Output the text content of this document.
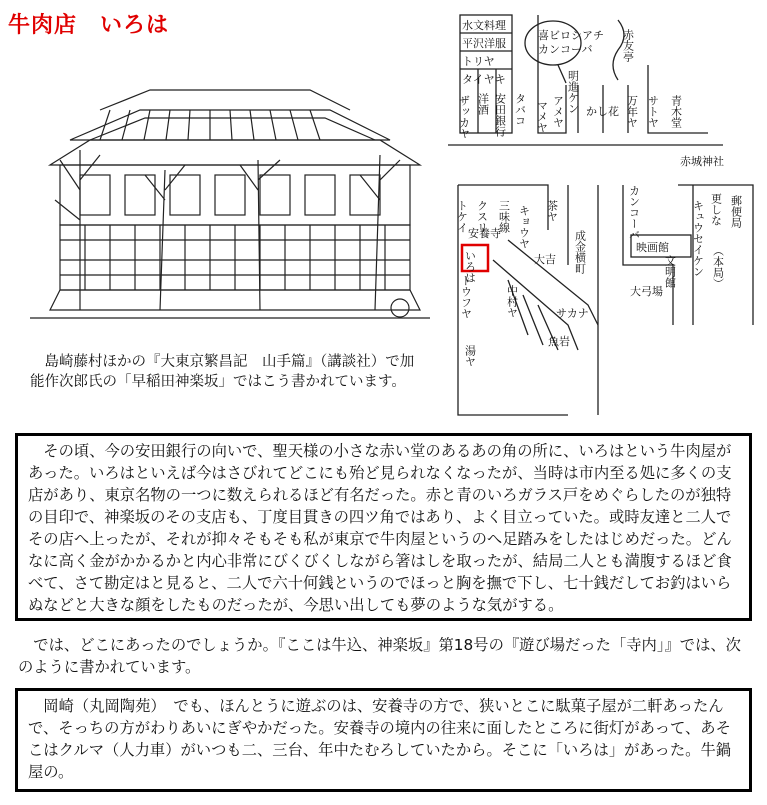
牛肉店　いろは
　島崎藤村ほかの『大東京繁昌記　山手篇』（講談社）で加能作次郎氏の「早稲田神楽坂」ではこう書かれています。
水文料理
平沢洋服
トリヤ
タイヤキ
ザッカヤ 洋酒 安田銀行 タバコ マメヤ アメヤ かし 花 万年ヤ サトヤ 青木堂
喜ビロシアチ
カンコーバ
明進ケン
赤友亭
赤城神社
トケイ クスリ 三味線 キョウヤ 茶ヤ
安養寺
いろは	大吉 成金横町	映画館
郵便局
（本局）
キュウセイケン 更しな
カンコーバ
文明館
大弓場
サカナ
魚岩
湯ヤ
トウフヤ	中村ヤ
　その頃、今の安田銀行の向いで、聖天様の小さな赤い堂のあるあの角の所に、いろはという牛肉屋があった。いろはといえば今はさびれてどこにも殆ど見られなくなったが、当時は市内至る処に多くの支店があり、東京名物の一つに数えられるほど有名だった。赤と青のいろガラス戸をめぐらしたのが独特の目印で、神楽坂のその支店も、丁度目貫きの四ツ角ではあり、よく目立っていた。或時友達と二人でその店へ上ったが、それが抑々そもそも私が東京で牛肉屋というのへ足踏みをしたはじめだった。どんなに高く金がかかるかと内心非常にびくびくしながら箸はしを取ったが、結局二人とも満腹するほど食べて、さて勘定はと見ると、二人で六十何銭というのでほっと胸を撫で下し、七十銭だしてお釣はいらぬなどと大きな顔をしたものだったが、今思い出しても夢のような気がする。
　では、どこにあったのでしょうか。『ここは牛込、神楽坂』第18号の『遊び場だった「寺内」』では、次のように書かれています。
　岡崎（丸岡陶苑）　でも、ほんとうに遊ぶのは、安養寺の方で、狭いとこに駄菓子屋が二軒あったんで、そっちの方がわりあいにぎやかだった。安養寺の境内の往来に面したところに街灯があって、あそこはクルマ（人力車）がいつも二、三台、年中たむろしていたから。そこに「いろは」があった。牛鍋屋の。
